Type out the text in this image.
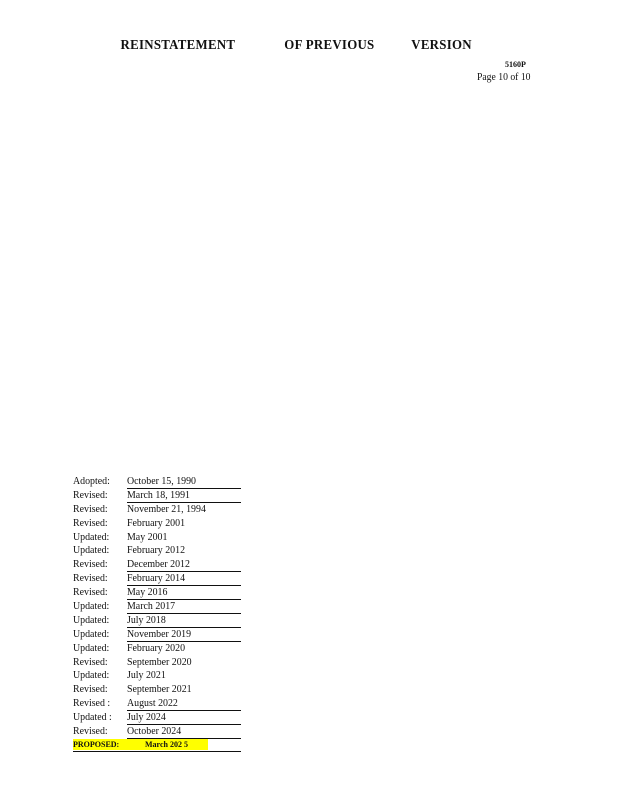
REINSTATEMENT	OF PREVIOUS	VERSION
5160P
Page 10 of 10
Adopted: October 15, 1990
Revised: March 18, 1991
Revised: November 21, 1994
Revised: February 2001
Updated: May 2001
Updated: February 2012
Revised: December 2012
Revised: February 2014
Revised: May 2016
Updated: March 2017
Updated: July 2018
Updated: November 2019
Updated: February 2020
Revised: September 2020
Updated: July 2021
Revised: September 2021
Revised : August 2022
Updated : July 2024
Revised: October 2024
PROPOSED:	March 202 5
